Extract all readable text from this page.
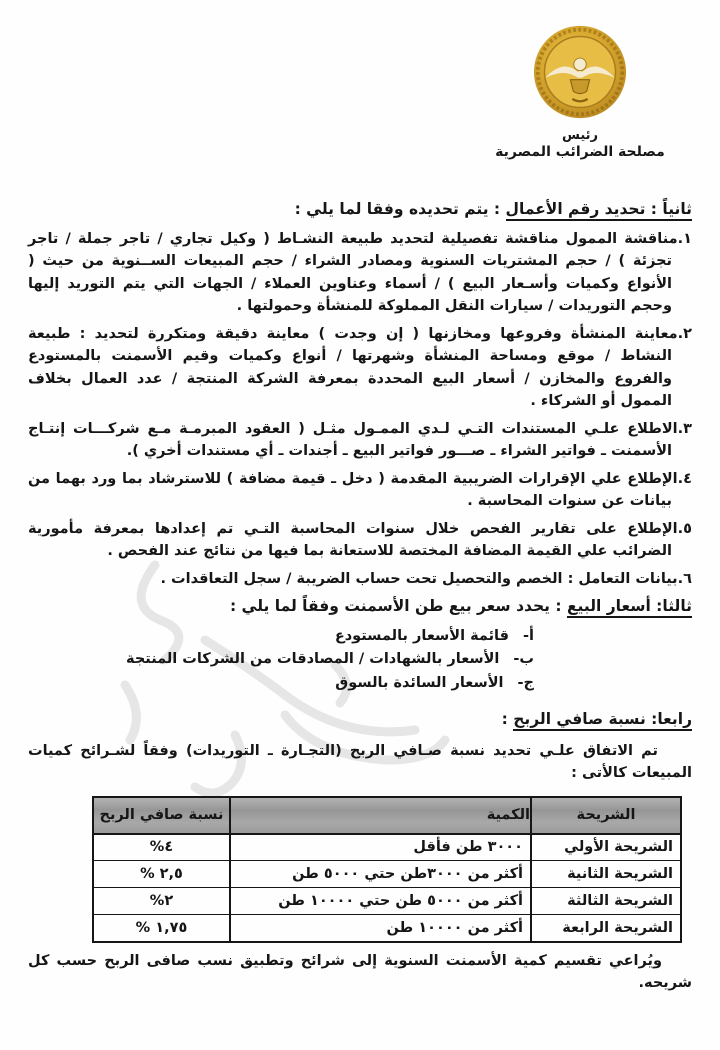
رئيس
مصلحة الضرائب المصرية
ثانياً : تحديد رقم الأعمال : يتم تحديده وفقا لما يلي :
١.مناقشة الممول مناقشة تفصيلية لتحديد طبيعة النشـاط ( وكيل تجاري / تاجر جملة / تاجر تجزئة ) / حجم المشتريات السنوية ومصادر الشراء / حجم المبيعات الســنوية من حيث ( الأنواع وكميات وأسـعار البيع ) / أسماء وعناوين العملاء / الجهات التي يتم التوريد إليها وحجم التوريدات / سيارات النقل المملوكة للمنشأة وحمولتها .
٢.معاينة المنشأة وفروعها ومخازنها ( إن وجدت ) معاينة دقيقة ومتكررة لتحديد : طبيعة النشاط / موقع ومساحة المنشأة وشهرتها / أنواع وكميات وقيم الأسمنت بالمستودع والفروع والمخازن / أسعار البيع المحددة بمعرفة الشركة المنتجة / عدد العمال بخلاف الممول أو الشركاء .
٣.الاطلاع علـي المستندات التـي لـدي الممـول مثـل ( العقود المبرمـة مـع شركـــات إنتـاج الأسمنت ـ فواتير الشراء ـ صـــور فواتير البيع ـ أجندات ـ أي مستندات أخري ).
٤.الإطلاع علي الإقرارات الضريبية المقدمة ( دخل ـ قيمة مضافة ) للاسترشاد بما ورد بهما من بيانات عن سنوات المحاسبة .
٥.الإطلاع على تقارير الفحص خلال سنوات المحاسبة التـي تم إعدادها بمعرفة مأمورية الضرائب علي القيمة المضافة المختصة للاستعانة بما فيها من نتائج عند الفحص .
٦.بيانات التعامل : الخصم والتحصيل تحت حساب الضريبة / سجل التعاقدات .
ثالثا: أسعار البيع : يحدد سعر بيع طن الأسمنت وفقاً لما يلي :
أ-قائمة الأسعار بالمستودع
ب-الأسعار بالشهادات / المصادقات من الشركات المنتجة
ج-الأسعار السائدة بالسوق
رابعا: نسبة صافي الربح :
تم الاتفاق علـي تحديد نسبة صـافي الربح (التجـارة ـ التوريدات) وفقاً لشـرائح كميات المبيعات كالأتى :
الشريحة	الكمية	نسبة صافي الربح
الشريحة الأولي	٣٠٠٠ طن فأقل	٤%
الشريحة الثانية	أكثر من ٣٠٠٠طن حتي ٥٠٠٠ طن	٢,٥ %
الشريحة الثالثة	أكثر من ٥٠٠٠ طن حتي ١٠٠٠٠ طن	٢%
الشريحة الرابعة	أكثر من ١٠٠٠٠ طن	١,٧٥ %
ويُراعي تقسيم كمية الأسمنت السنوية إلى شرائح وتطبيق نسب صافى الربح حسب كل شريحه.
